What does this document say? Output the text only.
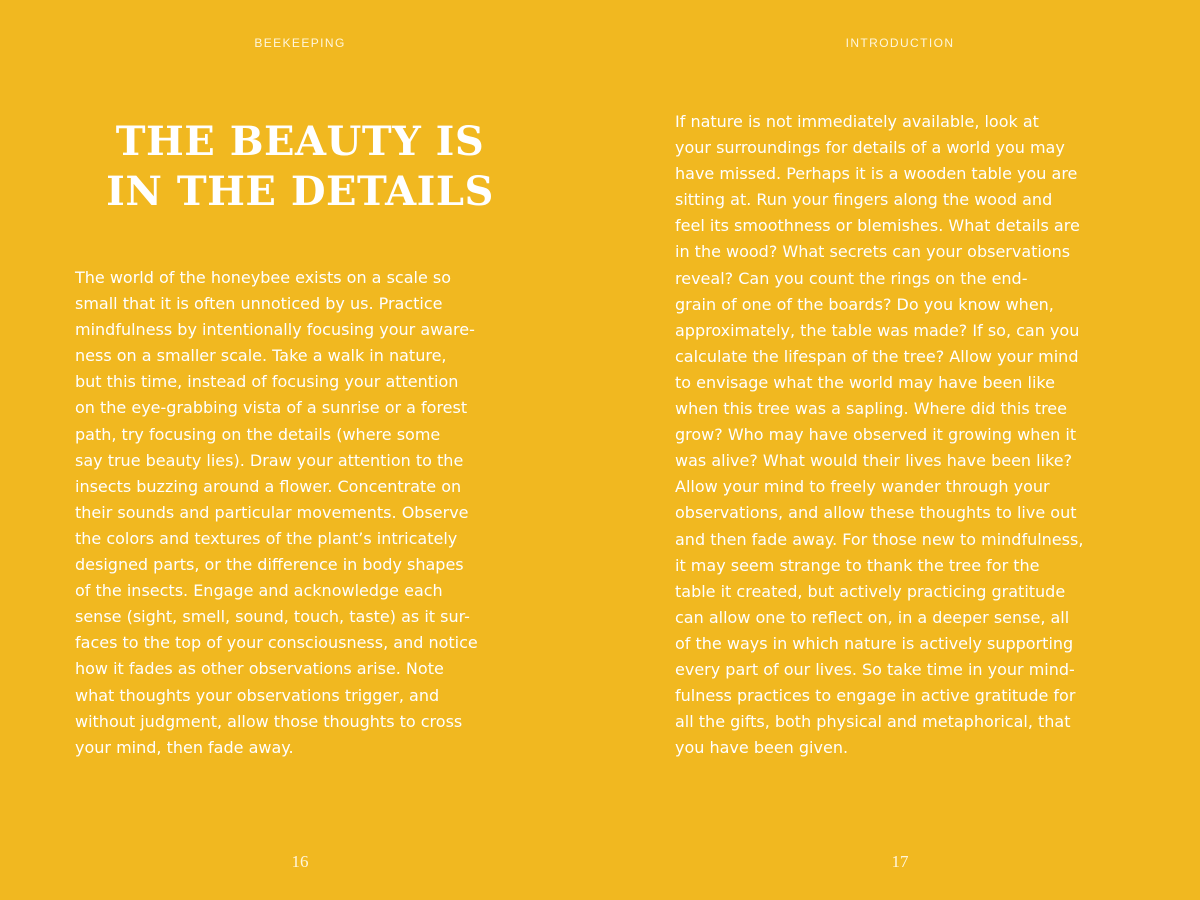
BEEKEEPING
THE BEAUTY IS
IN THE DETAILS

The world of the honeybee exists on a scale so
small that it is often unnoticed by us. Practice
mindfulness by intentionally focusing your aware-
ness on a smaller scale. Take a walk in nature,
but this time, instead of focusing your attention
on the eye-grabbing vista of a sunrise or a forest
path, try focusing on the details (where some
say true beauty lies). Draw your attention to the
insects buzzing around a flower. Concentrate on
their sounds and particular movements. Observe
the colors and textures of the plant’s intricately
designed parts, or the difference in body shapes
of the insects. Engage and acknowledge each
sense (sight, smell, sound, touch, taste) as it sur-
faces to the top of your consciousness, and notice
how it fades as other observations arise. Note
what thoughts your observations trigger, and
without judgment, allow those thoughts to cross
your mind, then fade away.

16
INTRODUCTION

If nature is not immediately available, look at
your surroundings for details of a world you may
have missed. Perhaps it is a wooden table you are
sitting at. Run your fingers along the wood and
feel its smoothness or blemishes. What details are
in the wood? What secrets can your observations
reveal? Can you count the rings on the end-
grain of one of the boards? Do you know when,
approximately, the table was made? If so, can you
calculate the lifespan of the tree? Allow your mind
to envisage what the world may have been like
when this tree was a sapling. Where did this tree
grow? Who may have observed it growing when it
was alive? What would their lives have been like?
Allow your mind to freely wander through your
observations, and allow these thoughts to live out
and then fade away. For those new to mindfulness,
it may seem strange to thank the tree for the
table it created, but actively practicing gratitude
can allow one to reflect on, in a deeper sense, all
of the ways in which nature is actively supporting
every part of our lives. So take time in your mind-
fulness practices to engage in active gratitude for
all the gifts, both physical and metaphorical, that
you have been given.

17
